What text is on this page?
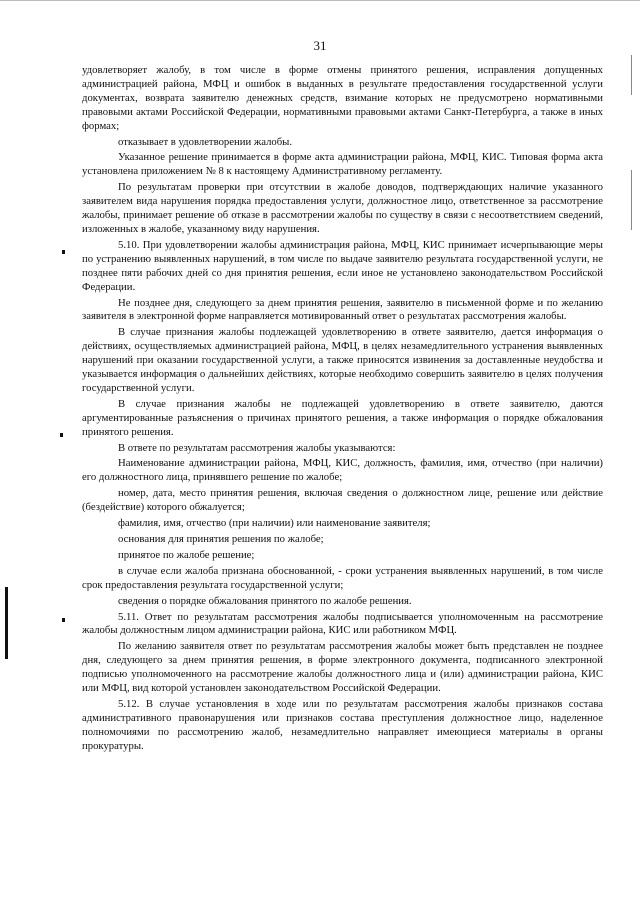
31

удовлетворяет жалобу, в том числе в форме отмены принятого решения, исправления допущенных администрацией района, МФЦ и ошибок в выданных в результате предоставления государственной услуги документах, возврата заявителю денежных средств, взимание которых не предусмотрено нормативными правовыми актами Российской Федерации, нормативными правовыми актами Санкт-Петербурга, а также в иных формах;

отказывает в удовлетворении жалобы.

Указанное решение принимается в форме акта администрации района, МФЦ, КИС. Типовая форма акта установлена приложением № 8 к настоящему Административному регламенту.

По результатам проверки при отсутствии в жалобе доводов, подтверждающих наличие указанного заявителем вида нарушения порядка предоставления услуги, должностное лицо, ответственное за рассмотрение жалобы, принимает решение об отказе в рассмотрении жалобы по существу в связи с несоответствием сведений, изложенных в жалобе, указанному виду нарушения.

5.10. При удовлетворении жалобы администрация района, МФЦ, КИС принимает исчерпывающие меры по устранению выявленных нарушений, в том числе по выдаче заявителю результата государственной услуги, не позднее пяти рабочих дней со дня принятия решения, если иное не установлено законодательством Российской Федерации.

Не позднее дня, следующего за днем принятия решения, заявителю в письменной форме и по желанию заявителя в электронной форме направляется мотивированный ответ о результатах рассмотрения жалобы.

В случае признания жалобы подлежащей удовлетворению в ответе заявителю, дается информация о действиях, осуществляемых администрацией района, МФЦ, в целях незамедлительного устранения выявленных нарушений при оказании государственной услуги, а также приносятся извинения за доставленные неудобства и указывается информация о дальнейших действиях, которые необходимо совершить заявителю в целях получения государственной услуги.

В случае признания жалобы не подлежащей удовлетворению в ответе заявителю, даются аргументированные разъяснения о причинах принятого решения, а также информация о порядке обжалования принятого решения.

В ответе по результатам рассмотрения жалобы указываются:

Наименование администрации района, МФЦ, КИС, должность, фамилия, имя, отчество (при наличии) его должностного лица, принявшего решение по жалобе;

номер, дата, место принятия решения, включая сведения о должностном лице, решение или действие (бездействие) которого обжалуется;

фамилия, имя, отчество (при наличии) или наименование заявителя;

основания для принятия решения по жалобе;

принятое по жалобе решение;

в случае если жалоба признана обоснованной, - сроки устранения выявленных нарушений, в том числе срок предоставления результата государственной услуги;

сведения о порядке обжалования принятого по жалобе решения.

5.11. Ответ по результатам рассмотрения жалобы подписывается уполномоченным на рассмотрение жалобы должностным лицом администрации района, КИС или работником МФЦ.

По желанию заявителя ответ по результатам рассмотрения жалобы может быть представлен не позднее дня, следующего за днем принятия решения, в форме электронного документа, подписанного электронной подписью уполномоченного на рассмотрение жалобы должностного лица и (или) администрации района, КИС или МФЦ, вид которой установлен законодательством Российской Федерации.

5.12. В случае установления в ходе или по результатам рассмотрения жалобы признаков состава административного правонарушения или признаков состава преступления должностное лицо, наделенное полномочиями по рассмотрению жалоб, незамедлительно направляет имеющиеся материалы в органы прокуратуры.
